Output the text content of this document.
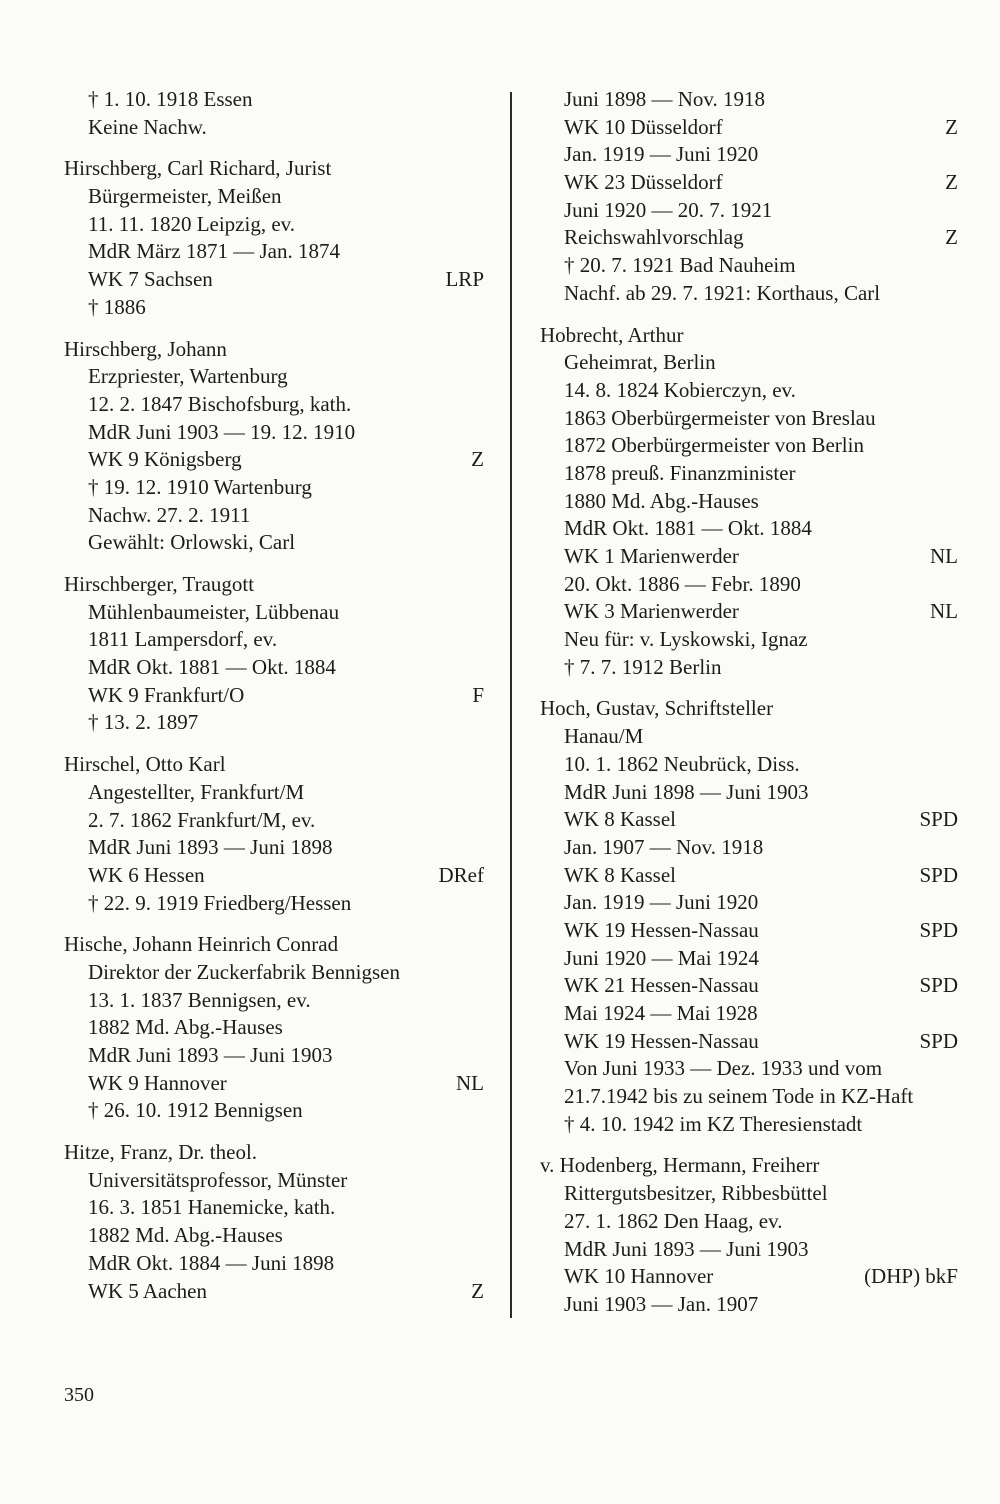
† 1. 10. 1918 Essen
Keine Nachw.
Hirschberg, Carl Richard, Jurist
Bürgermeister, Meißen
11. 11. 1820 Leipzig, ev.
MdR März 1871 — Jan. 1874
WK 7 Sachsen	LRP
† 1886
Hirschberg, Johann
Erzpriester, Wartenburg
12. 2. 1847 Bischofsburg, kath.
MdR Juni 1903 — 19. 12. 1910
WK 9 Königsberg	Z
† 19. 12. 1910 Wartenburg
Nachw. 27. 2. 1911
Gewählt: Orlowski, Carl
Hirschberger, Traugott
Mühlenbaumeister, Lübbenau
1811 Lampersdorf, ev.
MdR Okt. 1881 — Okt. 1884
WK 9 Frankfurt/O	F
† 13. 2. 1897
Hirschel, Otto Karl
Angestellter, Frankfurt/M
2. 7. 1862 Frankfurt/M, ev.
MdR Juni 1893 — Juni 1898
WK 6 Hessen	DRef
† 22. 9. 1919 Friedberg/Hessen
Hische, Johann Heinrich Conrad
Direktor der Zuckerfabrik Bennigsen
13. 1. 1837 Bennigsen, ev.
1882 Md. Abg.-Hauses
MdR Juni 1893 — Juni 1903
WK 9 Hannover	NL
† 26. 10. 1912 Bennigsen
Hitze, Franz, Dr. theol.
Universitätsprofessor, Münster
16. 3. 1851 Hanemicke, kath.
1882 Md. Abg.-Hauses
MdR Okt. 1884 — Juni 1898
WK 5 Aachen	Z
Juni 1898 — Nov. 1918
WK 10 Düsseldorf	Z
Jan. 1919 — Juni 1920
WK 23 Düsseldorf	Z
Juni 1920 — 20. 7. 1921
Reichswahlvorschlag	Z
† 20. 7. 1921 Bad Nauheim
Nachf. ab 29. 7. 1921: Korthaus, Carl
Hobrecht, Arthur
Geheimrat, Berlin
14. 8. 1824 Kobierczyn, ev.
1863 Oberbürgermeister von Breslau
1872 Oberbürgermeister von Berlin
1878 preuß. Finanzminister
1880 Md. Abg.-Hauses
MdR Okt. 1881 — Okt. 1884
WK 1 Marienwerder	NL
20. Okt. 1886 — Febr. 1890
WK 3 Marienwerder	NL
Neu für: v. Lyskowski, Ignaz
† 7. 7. 1912 Berlin
Hoch, Gustav, Schriftsteller
Hanau/M
10. 1. 1862 Neubrück, Diss.
MdR Juni 1898 — Juni 1903
WK 8 Kassel	SPD
Jan. 1907 — Nov. 1918
WK 8 Kassel	SPD
Jan. 1919 — Juni 1920
WK 19 Hessen-Nassau	SPD
Juni 1920 — Mai 1924
WK 21 Hessen-Nassau	SPD
Mai 1924 — Mai 1928
WK 19 Hessen-Nassau	SPD
Von Juni 1933 — Dez. 1933 und vom
21.7.1942 bis zu seinem Tode in KZ-Haft
† 4. 10. 1942 im KZ Theresienstadt
v. Hodenberg, Hermann, Freiherr
Rittergutsbesitzer, Ribbesbüttel
27. 1. 1862 Den Haag, ev.
MdR Juni 1893 — Juni 1903
WK 10 Hannover	(DHP) bkF
Juni 1903 — Jan. 1907
350
